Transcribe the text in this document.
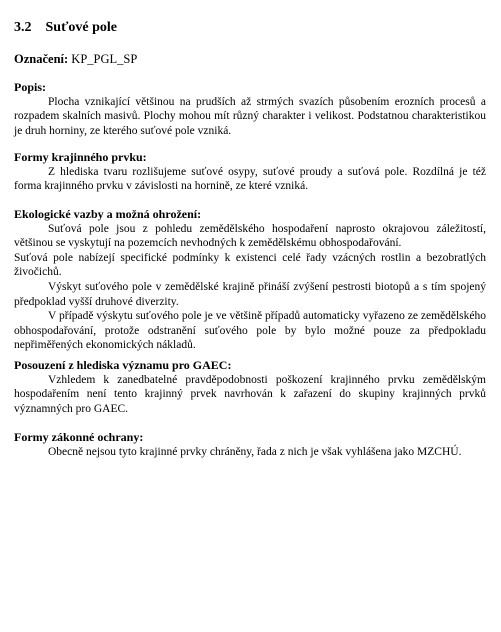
3.2 Suťové pole
Označení: KP_PGL_SP
Popis:

Plocha vznikající většinou na prudších až strmých svazích působením erozních procesů a rozpadem skalních masivů. Plochy mohou mít různý charakter i velikost. Podstatnou charakteristikou je druh horniny, ze kterého suťové pole vzniká.

Formy krajinného prvku:

Z hlediska tvaru rozlišujeme suťové osypy, suťové proudy a suťová pole. Rozdílná je též forma krajinného prvku v závislosti na hornině, ze které vzniká.

Ekologické vazby a možná ohrožení:

Suťová pole jsou z pohledu zemědělského hospodaření naprosto okrajovou záležitostí, většinou se vyskytují na pozemcích nevhodných k zemědělskému obhospodařování.

Suťová pole nabízejí specifické podmínky k existenci celé řady vzácných rostlin a bezobratlých živočichů.

Výskyt suťového pole v zemědělské krajině přináší zvýšení pestrosti biotopů a s tím spojený předpoklad vyšší druhové diverzity.

V případě výskytu suťového pole je ve většině případů automaticky vyřazeno ze zemědělského obhospodařování, protože odstranění suťového pole by bylo možné pouze za předpokladu nepřiměřených ekonomických nákladů.

Posouzení z hlediska významu pro GAEC:

Vzhledem k zanedbatelné pravděpodobnosti poškození krajinného prvku zemědělským hospodařením není tento krajinný prvek navrhován k zařazení do skupiny krajinných prvků významných pro GAEC.

Formy zákonné ochrany:

Obecně nejsou tyto krajinné prvky chráněny, řada z nich je však vyhlášena jako MZCHÚ.
